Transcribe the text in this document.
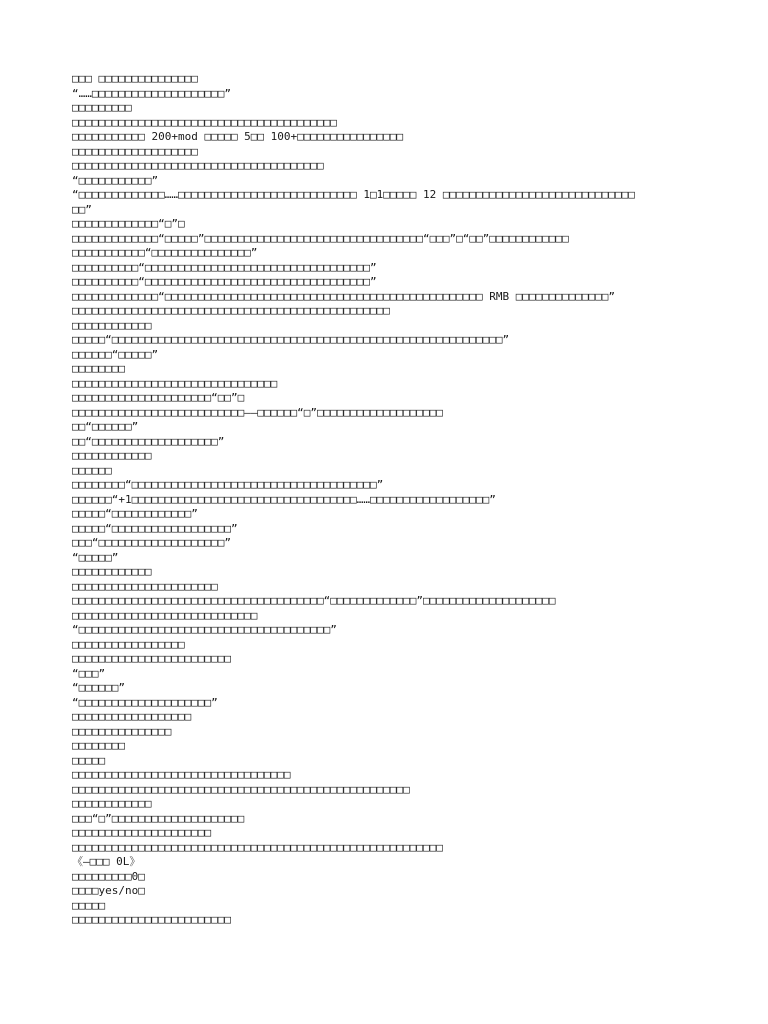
□□□ □□□□□□□□□□□□□□□
“……□□□□□□□□□□□□□□□□□□□□”
□□□□□□□□□
□□□□□□□□□□□□□□□□□□□□□□□□□□□□□□□□□□□□□□□□
□□□□□□□□□□□ 200+mod □□□□□ 5□□ 100+□□□□□□□□□□□□□□□□
□□□□□□□□□□□□□□□□□□□
□□□□□□□□□□□□□□□□□□□□□□□□□□□□□□□□□□□□□□
“□□□□□□□□□□□”
“□□□□□□□□□□□□□……□□□□□□□□□□□□□□□□□□□□□□□□□□□ 1□1□□□□□ 12 □□□□□□□□□□□□□□□□□□□□□□□□□□□□□
□□”
□□□□□□□□□□□□□“□”□
□□□□□□□□□□□□□“□□□□□”□□□□□□□□□□□□□□□□□□□□□□□□□□□□□□□□□“□□□”□“□□”□□□□□□□□□□□□
□□□□□□□□□□□“□□□□□□□□□□□□□□□”
□□□□□□□□□□“□□□□□□□□□□□□□□□□□□□□□□□□□□□□□□□□□□”
□□□□□□□□□□“□□□□□□□□□□□□□□□□□□□□□□□□□□□□□□□□□□”
□□□□□□□□□□□□□“□□□□□□□□□□□□□□□□□□□□□□□□□□□□□□□□□□□□□□□□□□□□□□□□ RMB □□□□□□□□□□□□□□”
□□□□□□□□□□□□□□□□□□□□□□□□□□□□□□□□□□□□□□□□□□□□□□□□
□□□□□□□□□□□□
□□□□□“□□□□□□□□□□□□□□□□□□□□□□□□□□□□□□□□□□□□□□□□□□□□□□□□□□□□□□□□□□□”
□□□□□□“□□□□□”
□□□□□□□□
□□□□□□□□□□□□□□□□□□□□□□□□□□□□□□□
□□□□□□□□□□□□□□□□□□□□□“□□”□
□□□□□□□□□□□□□□□□□□□□□□□□□□——□□□□□□“□”□□□□□□□□□□□□□□□□□□□
□□“□□□□□□”
□□“□□□□□□□□□□□□□□□□□□□”
□□□□□□□□□□□□
□□□□□□
□□□□□□□□“□□□□□□□□□□□□□□□□□□□□□□□□□□□□□□□□□□□□□”
□□□□□□“+1□□□□□□□□□□□□□□□□□□□□□□□□□□□□□□□□□□……□□□□□□□□□□□□□□□□□□”
□□□□□“□□□□□□□□□□□□”
□□□□□“□□□□□□□□□□□□□□□□□□”
□□□“□□□□□□□□□□□□□□□□□□□”
“□□□□□”
□□□□□□□□□□□□
□□□□□□□□□□□□□□□□□□□□□□
□□□□□□□□□□□□□□□□□□□□□□□□□□□□□□□□□□□□□□“□□□□□□□□□□□□□”□□□□□□□□□□□□□□□□□□□□
□□□□□□□□□□□□□□□□□□□□□□□□□□□□
“□□□□□□□□□□□□□□□□□□□□□□□□□□□□□□□□□□□□□□”
□□□□□□□□□□□□□□□□□
□□□□□□□□□□□□□□□□□□□□□□□□
“□□□”
“□□□□□□”
“□□□□□□□□□□□□□□□□□□□□”
□□□□□□□□□□□□□□□□□□
□□□□□□□□□□□□□□□
□□□□□□□□
□□□□□
□□□□□□□□□□□□□□□□□□□□□□□□□□□□□□□□□
□□□□□□□□□□□□□□□□□□□□□□□□□□□□□□□□□□□□□□□□□□□□□□□□□□□
□□□□□□□□□□□□
□□□“□”□□□□□□□□□□□□□□□□□□□□
□□□□□□□□□□□□□□□□□□□□□
□□□□□□□□□□□□□□□□□□□□□□□□□□□□□□□□□□□□□□□□□□□□□□□□□□□□□□□□
《—□□□ 0L》
□□□□□□□□□0□
□□□□yes/no□
□□□□□
□□□□□□□□□□□□□□□□□□□□□□□□
